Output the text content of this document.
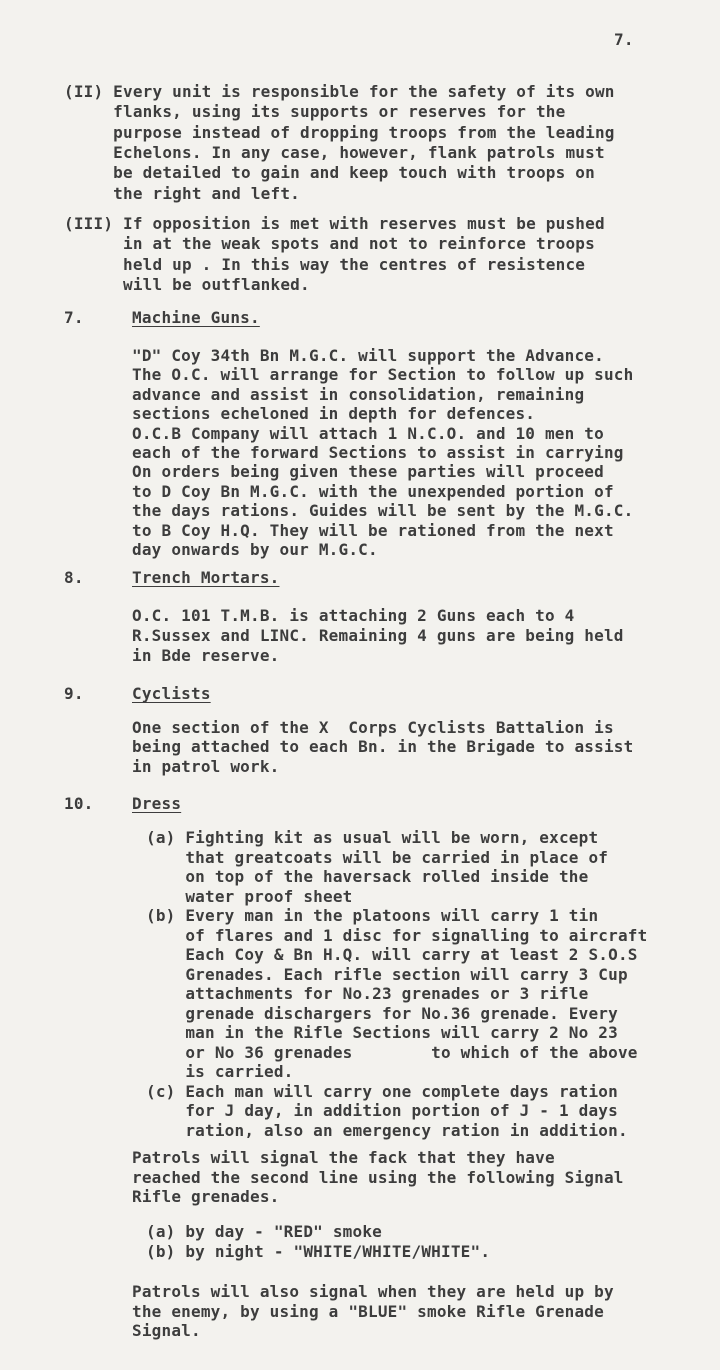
7.
(II) Every unit is responsible for the safety of its own
flanks, using its supports or reserves for the
purpose instead of dropping troops from the leading
Echelons. In any case, however, flank patrols must
be detailed to gain and keep touch with troops on
the right and left.
(III) If opposition is met with reserves must be pushed
in at the weak spots and not to reinforce troops
held up . In this way the centres of resistence
will be outflanked.
7.	Machine Guns.
"D" Coy 34th Bn M.G.C. will support the Advance.
The O.C. will arrange for Section to follow up such
advance and assist in consolidation, remaining
sections echeloned in depth for defences.
O.C.B Company will attach 1 N.C.O. and 10 men to
each of the forward Sections to assist in carrying
On orders being given these parties will proceed
to D Coy Bn M.G.C. with the unexpended portion of
the days rations. Guides will be sent by the M.G.C.
to B Coy H.Q. They will be rationed from the next
day onwards by our M.G.C.
8.	Trench Mortars.
O.C. 101 T.M.B. is attaching 2 Guns each to 4
R.Sussex and LINC. Remaining 4 guns are being held
in Bde reserve.
9.	Cyclists
One section of the X  Corps Cyclists Battalion is
being attached to each Bn. in the Brigade to assist
in patrol work.
10. Dress
(a) Fighting kit as usual will be worn, except
that greatcoats will be carried in place of
on top of the haversack rolled inside the
water proof sheet
(b) Every man in the platoons will carry 1 tin
of flares and 1 disc for signalling to aircraft
Each Coy & Bn H.Q. will carry at least 2 S.O.S
Grenades. Each rifle section will carry 3 Cup
attachments for No.23 grenades or 3 rifle
grenade dischargers for No.36 grenade. Every
man in the Rifle Sections will carry 2 No 23
or No 36 grenades        to which of the above
is carried.
(c) Each man will carry one complete days ration
for J day, in addition portion of J - 1 days
ration, also an emergency ration in addition.
Patrols will signal the fack that they have
reached the second line using the following Signal
Rifle grenades.
(a) by day - "RED" smoke
(b) by night - "WHITE/WHITE/WHITE".
Patrols will also signal when they are held up by
the enemy, by using a "BLUE" smoke Rifle Grenade
Signal.
